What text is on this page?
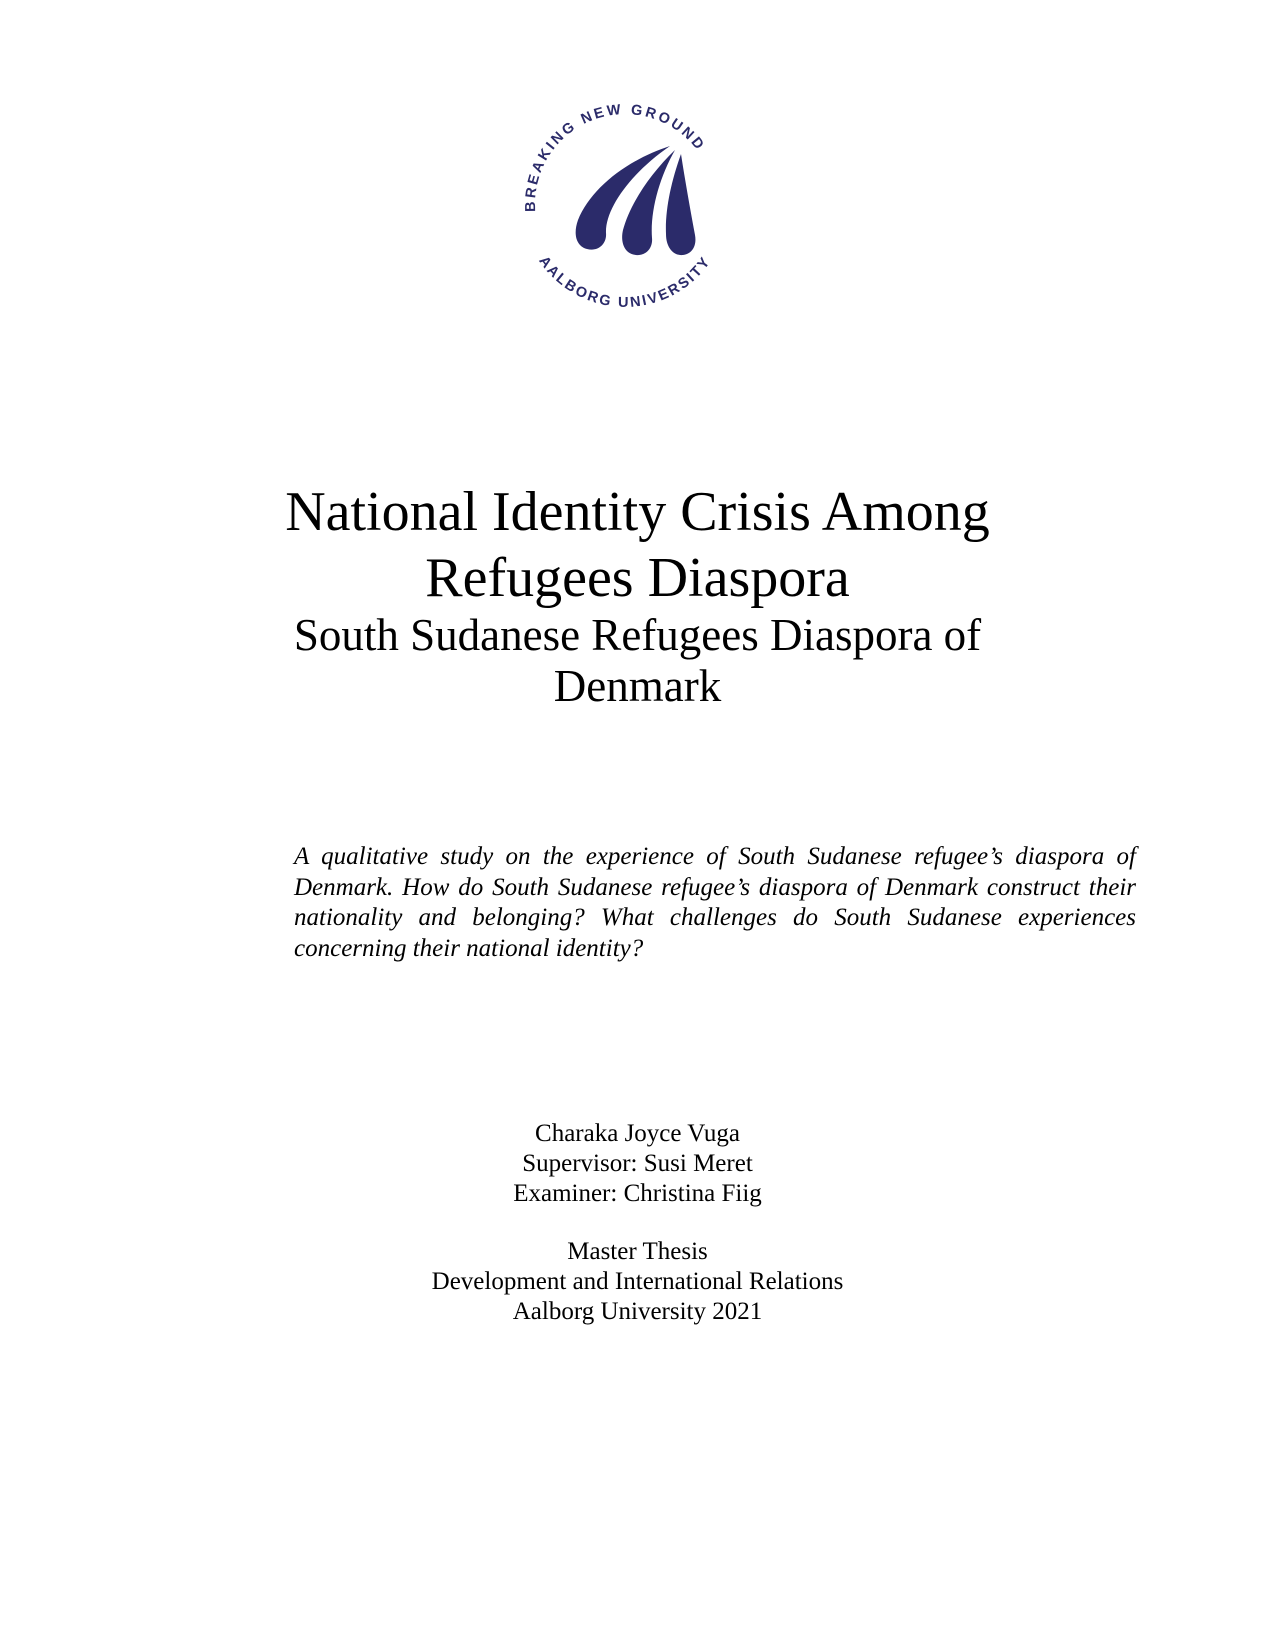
BREAKING NEW GROUND
AALBORG UNIVERSITY
National Identity Crisis Among
Refugees Diaspora
South Sudanese Refugees Diaspora of
Denmark
A qualitative study on the experience of South Sudanese refugee’s diaspora of
Denmark. How do South Sudanese refugee’s diaspora of Denmark construct their
nationality and belonging? What challenges do South Sudanese experiences
concerning their national identity?
Charaka Joyce Vuga
Supervisor: Susi Meret
Examiner: Christina Fiig
Master Thesis
Development and International Relations
Aalborg University 2021
